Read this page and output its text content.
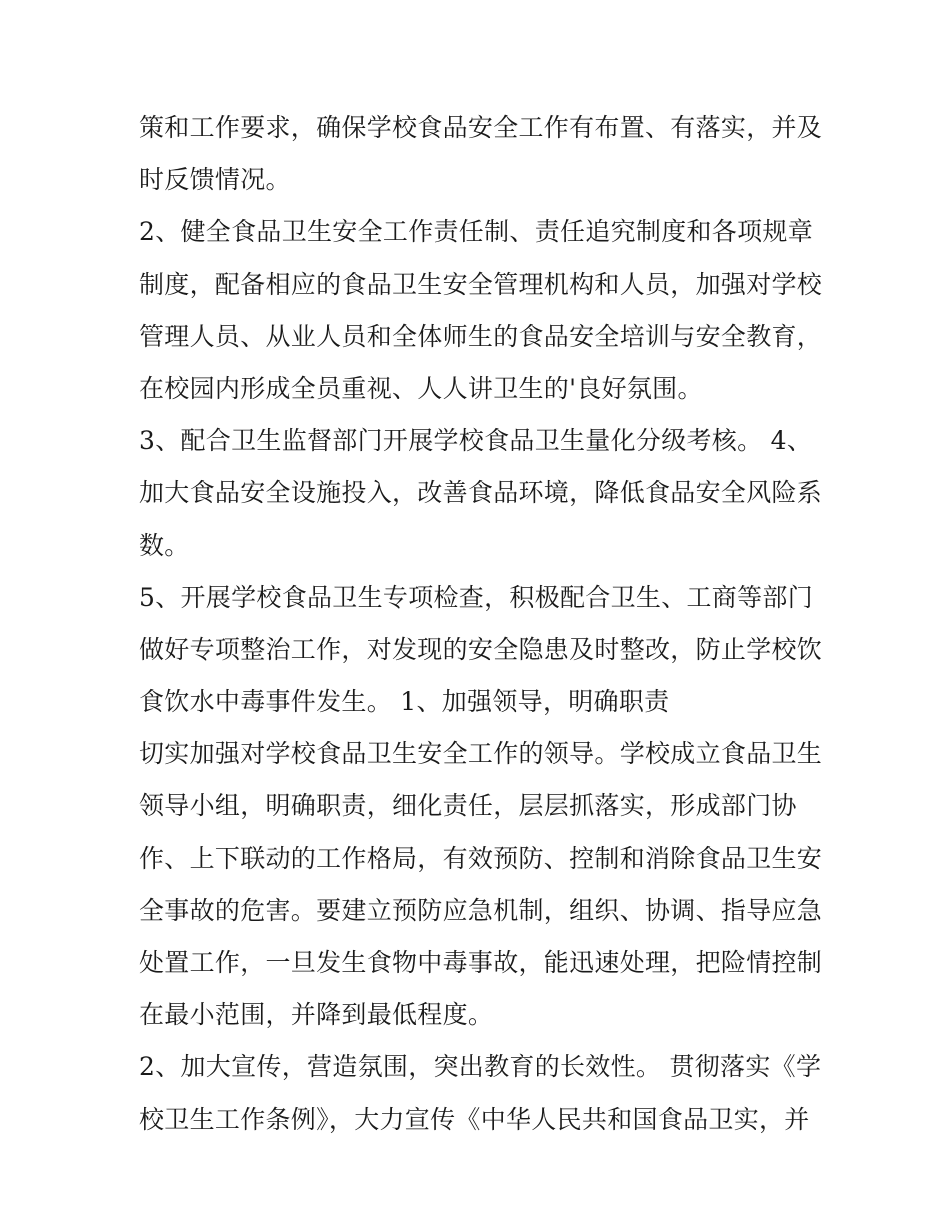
策和工作要求，确保学校食品安全工作有布置、有落实，并及
时反馈情况。
2、健全食品卫生安全工作责任制、责任追究制度和各项规章
制度，配备相应的食品卫生安全管理机构和人员，加强对学校
管理人员、从业人员和全体师生的食品安全培训与安全教育，
在校园内形成全员重视、人人讲卫生的'良好氛围。
3、配合卫生监督部门开展学校食品卫生量化分级考核。 4、
加大食品安全设施投入，改善食品环境，降低食品安全风险系
数。
5、开展学校食品卫生专项检查，积极配合卫生、工商等部门
做好专项整治工作，对发现的安全隐患及时整改，防止学校饮
食饮水中毒事件发生。 1、加强领导，明确职责
切实加强对学校食品卫生安全工作的领导。学校成立食品卫生
领导小组，明确职责，细化责任，层层抓落实，形成部门协
作、上下联动的工作格局，有效预防、控制和消除食品卫生安
全事故的危害。要建立预防应急机制，组织、协调、指导应急
处置工作，一旦发生食物中毒事故，能迅速处理，把险情控制
在最小范围，并降到最低程度。
2、加大宣传，营造氛围，突出教育的长效性。 贯彻落实《学
校卫生工作条例》，大力宣传《中华人民共和国食品卫实，并
